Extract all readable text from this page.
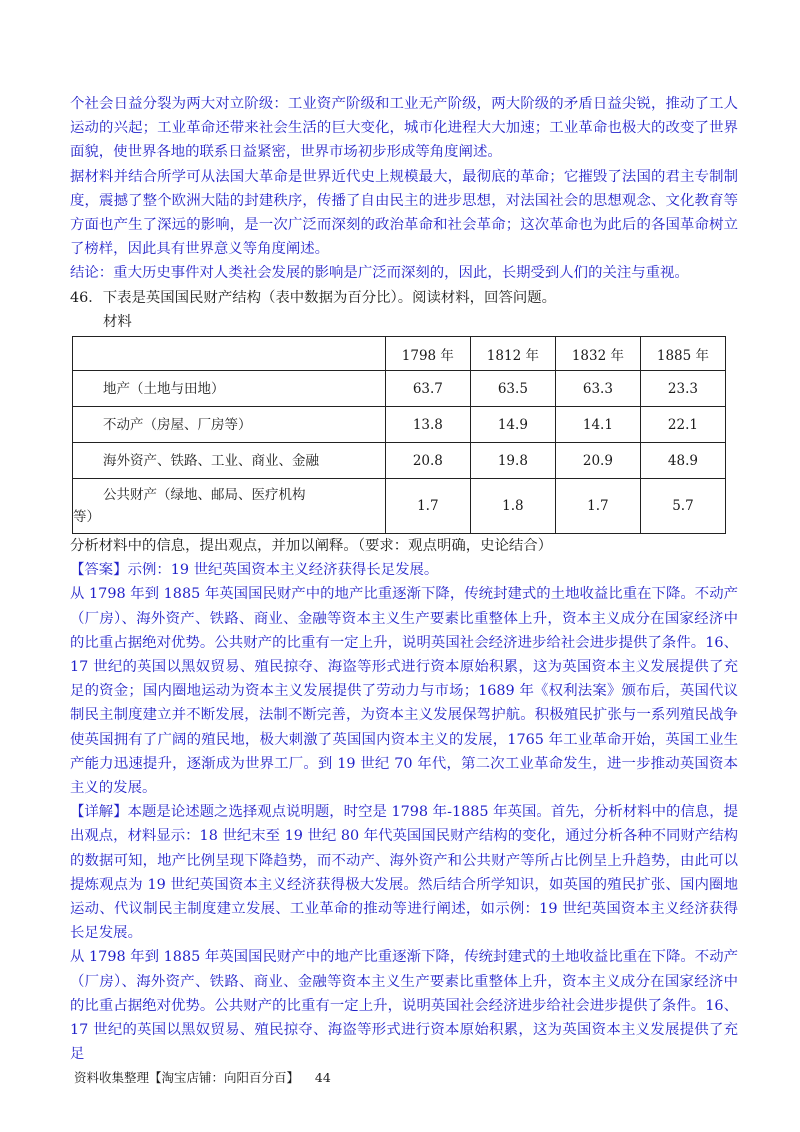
个社会日益分裂为两大对立阶级：工业资产阶级和工业无产阶级，两大阶级的矛盾日益尖锐，推动了工人运动的兴起；工业革命还带来社会生活的巨大变化，城市化进程大大加速；工业革命也极大的改变了世界面貌，使世界各地的联系日益紧密，世界市场初步形成等角度阐述。

据材料并结合所学可从法国大革命是世界近代史上规模最大，最彻底的革命；它摧毁了法国的君主专制制度，震撼了整个欧洲大陆的封建秩序，传播了自由民主的进步思想，对法国社会的思想观念、文化教育等方面也产生了深远的影响，是一次广泛而深刻的政治革命和社会革命；这次革命也为此后的各国革命树立了榜样，因此具有世界意义等角度阐述。

结论：重大历史事件对人类社会发展的影响是广泛而深刻的，因此，长期受到人们的关注与重视。

46．下表是英国国民财产结构（表中数据为百分比）。阅读材料，回答问题。

材料

	1798 年	1812 年	1832 年	1885 年
地产（土地与田地）	63.7	63.5	63.3	23.3
不动产（房屋、厂房等）	13.8	14.9	14.1	22.1
海外资产、铁路、工业、商业、金融	20.8	19.8	20.9	48.9

公共财产（绿地、邮局、医疗机构
等）	1.7	1.8	1.7	5.7

分析材料中的信息，提出观点，并加以阐释。（要求：观点明确，史论结合）

【答案】示例：19 世纪英国资本主义经济获得长足发展。

从 1798 年到 1885 年英国国民财产中的地产比重逐渐下降，传统封建式的土地收益比重在下降。不动产（厂房）、海外资产、铁路、商业、金融等资本主义生产要素比重整体上升，资本主义成分在国家经济中的比重占据绝对优势。公共财产的比重有一定上升，说明英国社会经济进步给社会进步提供了条件。16、17 世纪的英国以黑奴贸易、殖民掠夺、海盗等形式进行资本原始积累，这为英国资本主义发展提供了充足的资金；国内圈地运动为资本主义发展提供了劳动力与市场；1689 年《权利法案》颁布后，英国代议制民主制度建立并不断发展，法制不断完善，为资本主义发展保驾护航。积极殖民扩张与一系列殖民战争使英国拥有了广阔的殖民地，极大刺激了英国国内资本主义的发展，1765 年工业革命开始，英国工业生产能力迅速提升，逐渐成为世界工厂。到 19 世纪 70 年代，第二次工业革命发生，进一步推动英国资本主义的发展。

【详解】本题是论述题之选择观点说明题，时空是 1798 年-1885 年英国。首先，分析材料中的信息，提出观点，材料显示：18 世纪末至 19 世纪 80 年代英国国民财产结构的变化，通过分析各种不同财产结构的数据可知，地产比例呈现下降趋势，而不动产、海外资产和公共财产等所占比例呈上升趋势，由此可以提炼观点为 19 世纪英国资本主义经济获得极大发展。然后结合所学知识，如英国的殖民扩张、国内圈地运动、代议制民主制度建立发展、工业革命的推动等进行阐述，如示例：19 世纪英国资本主义经济获得长足发展。

从 1798 年到 1885 年英国国民财产中的地产比重逐渐下降，传统封建式的土地收益比重在下降。不动产（厂房）、海外资产、铁路、商业、金融等资本主义生产要素比重整体上升，资本主义成分在国家经济中的比重占据绝对优势。公共财产的比重有一定上升，说明英国社会经济进步给社会进步提供了条件。16、17 世纪的英国以黑奴贸易、殖民掠夺、海盗等形式进行资本原始积累，这为英国资本主义发展提供了充足

资料收集整理【淘宝店铺：向阳百分百】 44
